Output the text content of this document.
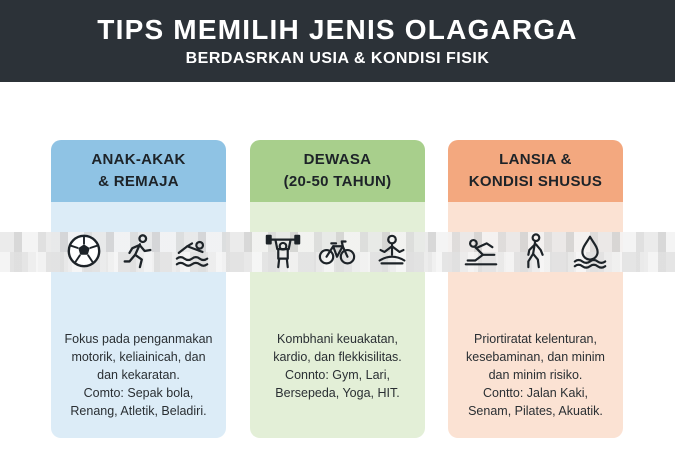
TIPS MEMILIH JENIS OLAGARGA
BERDASRKAN USIA & KONDISI FISIK
ANAK-AKAK
& REMAJA
DEWASA
(20-50 TAHUN)
LANSIA &
KONDISI SHUSUS

Fokus pada penganmakan motorik, keliainicah, dan dan kekaratan.

Comto: Sepak bola, Renang, Atletik, Beladiri.

Kombhani keuakatan, kardio, dan flekkisilitas.

Connto: Gym, Lari, Bersepeda, Yoga, HIT.

Priortiratat kelenturan, kesebaminan, dan minim dan minim risiko.

Contto: Jalan Kaki, Senam, Pilates, Akuatik.
